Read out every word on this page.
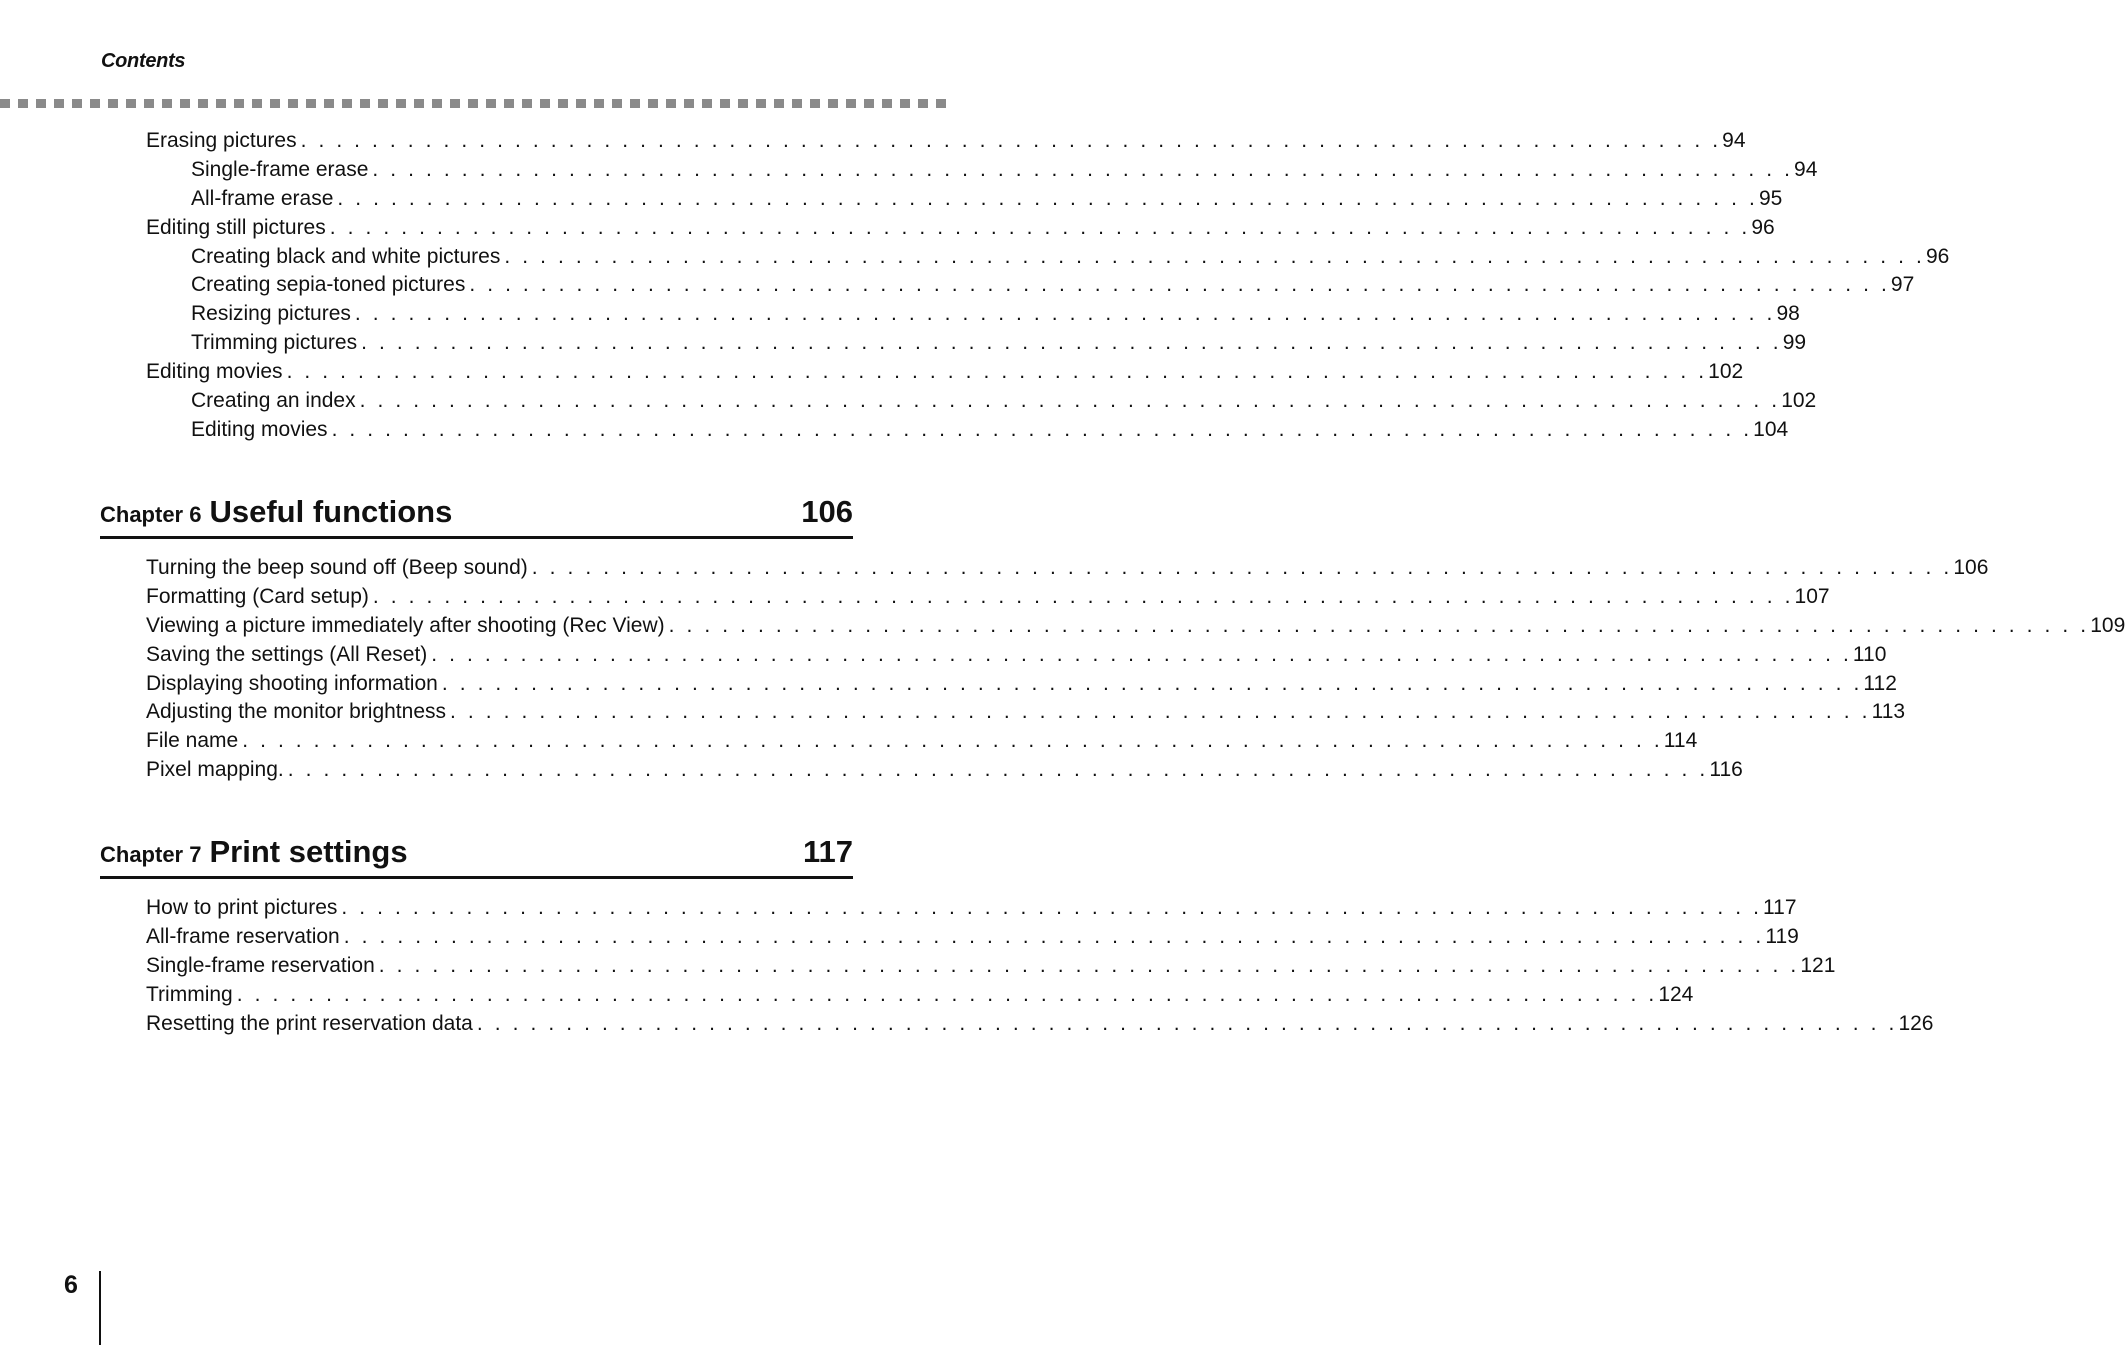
Contents
Erasing pictures . . . . . . . . . . . . . . . . . . . . . . . . . . . . . . . . . . . . . . . . . . . . . . . . . . . . . . . . . . . . . . . . . . . . . . . . . . . . . . . . 94
Single-frame erase . . . . . . . . . . . . . . . . . . . . . . . . . . . . . . . . . . . . . . . . . . . . . . . . . . . . . . . . . . . . . . . . . . . . . . . . . . . . . . . . 94
All-frame erase . . . . . . . . . . . . . . . . . . . . . . . . . . . . . . . . . . . . . . . . . . . . . . . . . . . . . . . . . . . . . . . . . . . . . . . . . . . . . . . . 95
Editing still pictures . . . . . . . . . . . . . . . . . . . . . . . . . . . . . . . . . . . . . . . . . . . . . . . . . . . . . . . . . . . . . . . . . . . . . . . . . . . . . . . . 96
Creating black and white pictures . . . . . . . . . . . . . . . . . . . . . . . . . . . . . . . . . . . . . . . . . . . . . . . . . . . . . . . . . . . . . . . . . . . . . . . . . . . . . . . . 96
Creating sepia-toned pictures . . . . . . . . . . . . . . . . . . . . . . . . . . . . . . . . . . . . . . . . . . . . . . . . . . . . . . . . . . . . . . . . . . . . . . . . . . . . . . . . 97
Resizing pictures . . . . . . . . . . . . . . . . . . . . . . . . . . . . . . . . . . . . . . . . . . . . . . . . . . . . . . . . . . . . . . . . . . . . . . . . . . . . . . . . 98
Trimming pictures . . . . . . . . . . . . . . . . . . . . . . . . . . . . . . . . . . . . . . . . . . . . . . . . . . . . . . . . . . . . . . . . . . . . . . . . . . . . . . . . 99
Editing movies . . . . . . . . . . . . . . . . . . . . . . . . . . . . . . . . . . . . . . . . . . . . . . . . . . . . . . . . . . . . . . . . . . . . . . . . . . . . . . . . 102
Creating an index . . . . . . . . . . . . . . . . . . . . . . . . . . . . . . . . . . . . . . . . . . . . . . . . . . . . . . . . . . . . . . . . . . . . . . . . . . . . . . . . 102
Editing movies . . . . . . . . . . . . . . . . . . . . . . . . . . . . . . . . . . . . . . . . . . . . . . . . . . . . . . . . . . . . . . . . . . . . . . . . . . . . . . . . 104
Chapter 6 Useful functions	106
Turning the beep sound off (Beep sound) . . . . . . . . . . . . . . . . . . . . . . . . . . . . . . . . . . . . . . . . . . . . . . . . . . . . . . . . . . . . . . . . . . . . . . . . . . . . . . . . 106
Formatting (Card setup) . . . . . . . . . . . . . . . . . . . . . . . . . . . . . . . . . . . . . . . . . . . . . . . . . . . . . . . . . . . . . . . . . . . . . . . . . . . . . . . . 107
Viewing a picture immediately after shooting (Rec View) . . . . . . . . . . . . . . . . . . . . . . . . . . . . . . . . . . . . . . . . . . . . . . . . . . . . . . . . . . . . . . . . . . . . . . . . . . . . . . . . 109
Saving the settings (All Reset) . . . . . . . . . . . . . . . . . . . . . . . . . . . . . . . . . . . . . . . . . . . . . . . . . . . . . . . . . . . . . . . . . . . . . . . . . . . . . . . . 110
Displaying shooting information . . . . . . . . . . . . . . . . . . . . . . . . . . . . . . . . . . . . . . . . . . . . . . . . . . . . . . . . . . . . . . . . . . . . . . . . . . . . . . . . 112
Adjusting the monitor brightness . . . . . . . . . . . . . . . . . . . . . . . . . . . . . . . . . . . . . . . . . . . . . . . . . . . . . . . . . . . . . . . . . . . . . . . . . . . . . . . . 113
File name . . . . . . . . . . . . . . . . . . . . . . . . . . . . . . . . . . . . . . . . . . . . . . . . . . . . . . . . . . . . . . . . . . . . . . . . . . . . . . . . 114
Pixel mapping. . . . . . . . . . . . . . . . . . . . . . . . . . . . . . . . . . . . . . . . . . . . . . . . . . . . . . . . . . . . . . . . . . . . . . . . . . . . . . . . . 116
Chapter 7 Print settings	117
How to print pictures . . . . . . . . . . . . . . . . . . . . . . . . . . . . . . . . . . . . . . . . . . . . . . . . . . . . . . . . . . . . . . . . . . . . . . . . . . . . . . . . 117
All-frame reservation . . . . . . . . . . . . . . . . . . . . . . . . . . . . . . . . . . . . . . . . . . . . . . . . . . . . . . . . . . . . . . . . . . . . . . . . . . . . . . . . 119
Single-frame reservation . . . . . . . . . . . . . . . . . . . . . . . . . . . . . . . . . . . . . . . . . . . . . . . . . . . . . . . . . . . . . . . . . . . . . . . . . . . . . . . . 121
Trimming . . . . . . . . . . . . . . . . . . . . . . . . . . . . . . . . . . . . . . . . . . . . . . . . . . . . . . . . . . . . . . . . . . . . . . . . . . . . . . . . 124
Resetting the print reservation data . . . . . . . . . . . . . . . . . . . . . . . . . . . . . . . . . . . . . . . . . . . . . . . . . . . . . . . . . . . . . . . . . . . . . . . . . . . . . . . . 126
6
